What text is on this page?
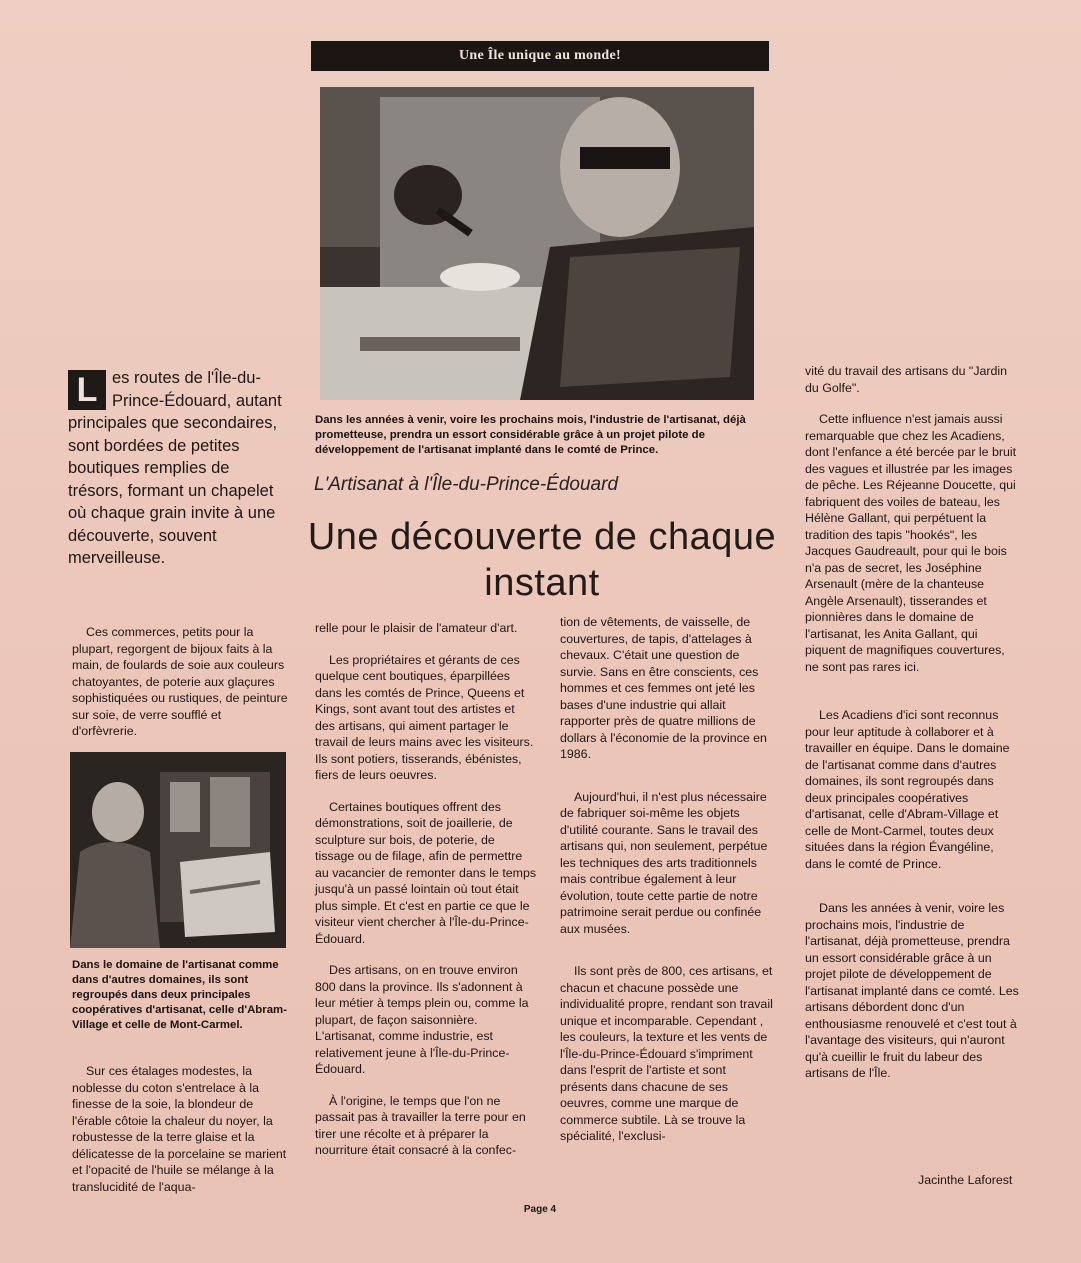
Une Île unique au monde!
Dans les années à venir, voire les prochains mois, l'industrie de l'artisanat, déjà prometteuse, prendra un essort considérable grâce à un projet pilote de développement de l'artisanat implanté dans le comté de Prince.
L'Artisanat à l'Île-du-Prince-Édouard
Une découverte de chaque instant
L es routes de l'Île-du-Prince-Édouard, autant principales que secondaires, sont bordées de petites boutiques remplies de trésors, formant un chapelet où chaque grain invite à une découverte, souvent merveilleuse.

Ces commerces, petits pour la plupart, regorgent de bijoux faits à la main, de foulards de soie aux couleurs chatoyantes, de poterie aux glaçures sophistiquées ou rustiques, de peinture sur soie, de verre soufflé et d'orfèvrerie.

Dans le domaine de l'artisanat comme dans d'autres domaines, ils sont regroupés dans deux principales coopératives d'artisanat, celle d'Abram-Village et celle de Mont-Carmel.

Sur ces étalages modestes, la noblesse du coton s'entrelace à la finesse de la soie, la blondeur de l'érable côtoie la chaleur du noyer, la robustesse de la terre glaise et la délicatesse de la porcelaine se marient et l'opacité de l'huile se mélange à la translucidité de l'aqua-

relle pour le plaisir de l'amateur d'art.

Les propriétaires et gérants de ces quelque cent boutiques, éparpillées dans les comtés de Prince, Queens et Kings, sont avant tout des artistes et des artisans, qui aiment partager le travail de leurs mains avec les visiteurs. Ils sont potiers, tisserands, ébénistes, fiers de leurs oeuvres.

Certaines boutiques offrent des démonstrations, soit de joaillerie, de sculpture sur bois, de poterie, de tissage ou de filage, afin de permettre au vacancier de remonter dans le temps jusqu'à un passé lointain où tout était plus simple. Et c'est en partie ce que le visiteur vient chercher à l'Île-du-Prince-Édouard.

Des artisans, on en trouve environ 800 dans la province. Ils s'adonnent à leur métier à temps plein ou, comme la plupart, de façon saisonnière. L'artisanat, comme industrie, est relativement jeune à l'Île-du-Prince-Édouard.

À l'origine, le temps que l'on ne passait pas à travailler la terre pour en tirer une récolte et à préparer la nourriture était consacré à la confec-

tion de vêtements, de vaisselle, de couvertures, de tapis, d'attelages à chevaux. C'était une question de survie. Sans en être conscients, ces hommes et ces femmes ont jeté les bases d'une industrie qui allait rapporter près de quatre millions de dollars à l'économie de la province en 1986.

Aujourd'hui, il n'est plus nécessaire de fabriquer soi-même les objets d'utilité courante. Sans le travail des artisans qui, non seulement, perpétue les techniques des arts traditionnels mais contribue également à leur évolution, toute cette partie de notre patrimoine serait perdue ou confinée aux musées.

Ils sont près de 800, ces artisans, et chacun et chacune possède une individualité propre, rendant son travail unique et incomparable. Cependant , les couleurs, la texture et les vents de l'Île-du-Prince-Édouard s'impriment dans l'esprit de l'artiste et sont présents dans chacune de ses oeuvres, comme une marque de commerce subtile. Là se trouve la spécialité, l'exclusi-

vité du travail des artisans du "Jardin du Golfe".

Cette influence n'est jamais aussi remarquable que chez les Acadiens, dont l'enfance a été bercée par le bruit des vagues et illustrée par les images de pêche. Les Réjeanne Doucette, qui fabriquent des voiles de bateau, les Hélène Gallant, qui perpétuent la tradition des tapis "hookés", les Jacques Gaudreault, pour qui le bois n'a pas de secret, les Joséphine Arsenault (mère de la chanteuse Angèle Arsenault), tisserandes et pionnières dans le domaine de l'artisanat, les Anita Gallant, qui piquent de magnifiques couvertures, ne sont pas rares ici.

Les Acadiens d'ici sont reconnus pour leur aptitude à collaborer et à travailler en équipe. Dans le domaine de l'artisanat comme dans d'autres domaines, ils sont regroupés dans deux principales coopératives d'artisanat, celle d'Abram-Village et celle de Mont-Carmel, toutes deux situées dans la région Évangéline, dans le comté de Prince.

Dans les années à venir, voire les prochains mois, l'industrie de l'artisanat, déjà prometteuse, prendra un essort considérable grâce à un projet pilote de développement de l'artisanat implanté dans ce comté. Les artisans débordent donc d'un enthousiasme renouvelé et c'est tout à l'avantage des visiteurs, qui n'auront qu'à cueillir le fruit du labeur des artisans de l'Île.

Jacinthe Laforest
Page 4
